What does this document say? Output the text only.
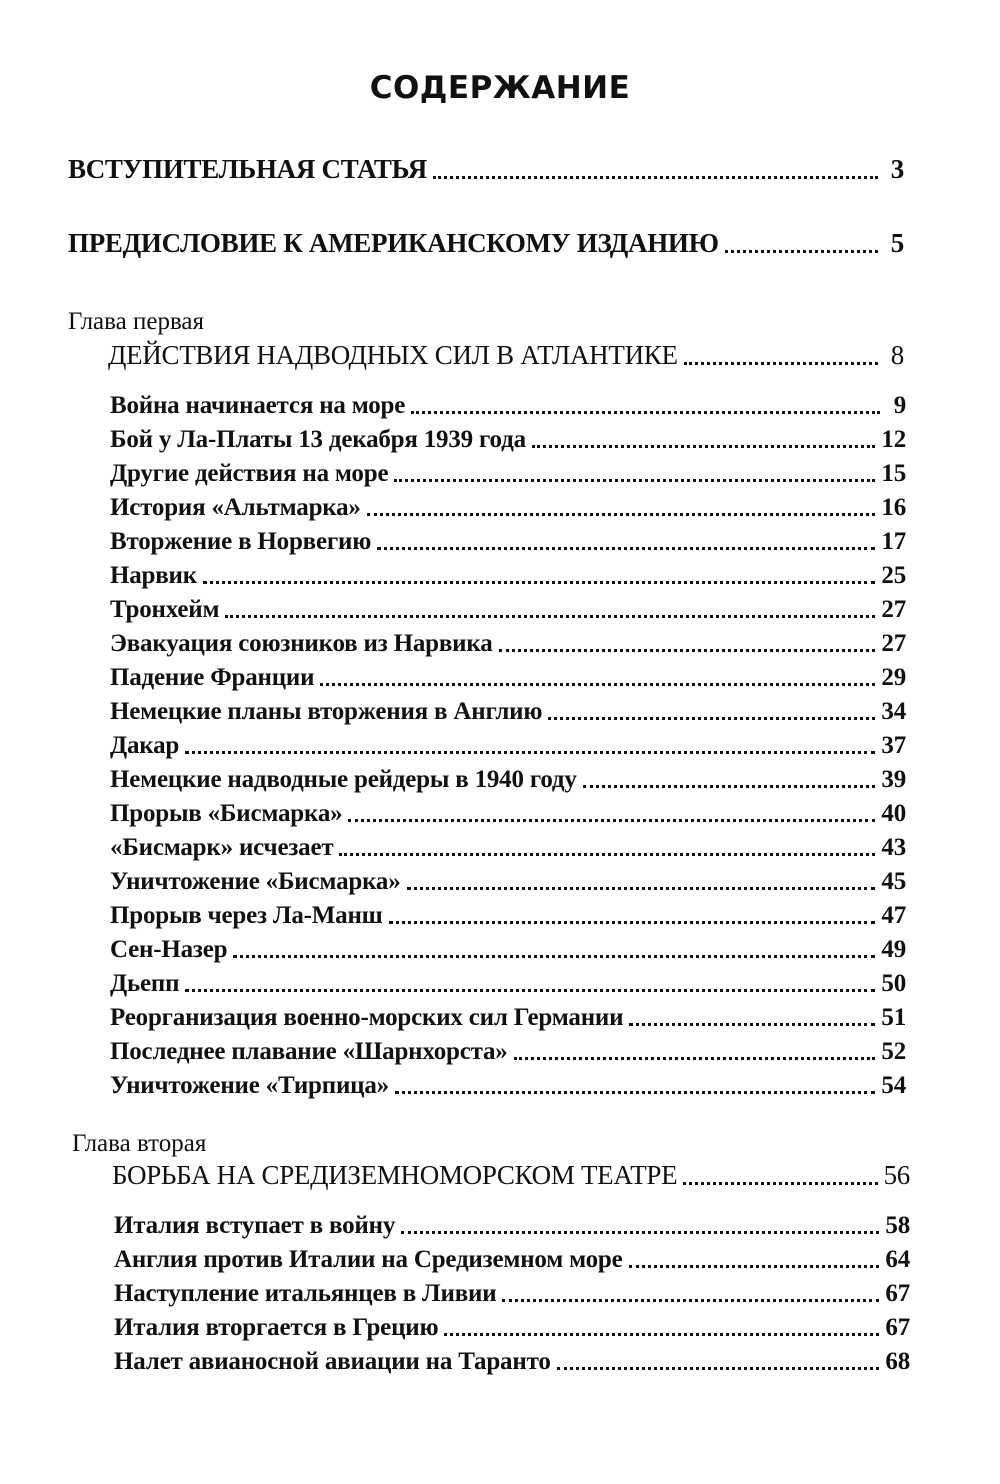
СОДЕРЖАНИЕ
ВСТУПИТЕЛЬНАЯ СТАТЬЯ	3
ПРЕДИСЛОВИЕ К АМЕРИКАНСКОМУ ИЗДАНИЮ	5
Глава первая
ДЕЙСТВИЯ НАДВОДНЫХ СИЛ В АТЛАНТИКЕ	8
Война начинается на море	9
Бой у Ла-Платы 13 декабря 1939 года	12
Другие действия на море	15
История «Альтмарка»	16
Вторжение в Норвегию	17
Нарвик	25
Тронхейм	27
Эвакуация союзников из Нарвика	27
Падение Франции	29
Немецкие планы вторжения в Англию	34
Дакар	37
Немецкие надводные рейдеры в 1940 году	39
Прорыв «Бисмарка»	40
«Бисмарк» исчезает	43
Уничтожение «Бисмарка»	45
Прорыв через Ла-Манш	47
Сен-Назер	49
Дьепп	50
Реорганизация военно-морских сил Германии	51
Последнее плавание «Шарнхорста»	52
Уничтожение «Тирпица»	54
Глава вторая
БОРЬБА НА СРЕДИЗЕМНОМОРСКОМ ТЕАТРЕ	56
Италия вступает в войну	58
Англия против Италии на Средиземном море	64
Наступление итальянцев в Ливии	67
Италия вторгается в Грецию	67
Налет авианосной авиации на Таранто	68
